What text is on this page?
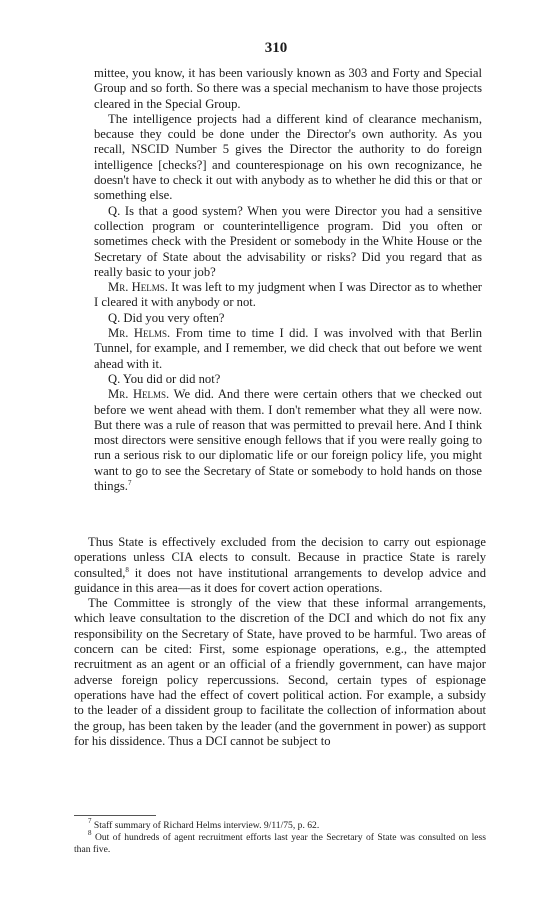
310

mittee, you know, it has been variously known as 303 and Forty and Special Group and so forth. So there was a special mechanism to have those projects cleared in the Special Group.

The intelligence projects had a different kind of clearance mechanism, because they could be done under the Director's own authority. As you recall, NSCID Number 5 gives the Director the authority to do foreign intelligence [checks?] and counterespionage on his own recognizance, he doesn't have to check it out with anybody as to whether he did this or that or something else.

Q. Is that a good system? When you were Director you had a sensitive collection program or counterintelligence program. Did you often or sometimes check with the President or somebody in the White House or the Secretary of State about the advisability or risks? Did you regard that as really basic to your job?

Mr. Helms. It was left to my judgment when I was Director as to whether I cleared it with anybody or not.

Q. Did you very often?

Mr. Helms. From time to time I did. I was involved with that Berlin Tunnel, for example, and I remember, we did check that out before we went ahead with it.

Q. You did or did not?

Mr. Helms. We did. And there were certain others that we checked out before we went ahead with them. I don't remember what they all were now. But there was a rule of reason that was permitted to prevail here. And I think most directors were sensitive enough fellows that if you were really going to run a serious risk to our diplomatic life or our foreign policy life, you might want to go to see the Secretary of State or somebody to hold hands on those things.$^7$

Thus State is effectively excluded from the decision to carry out espionage operations unless CIA elects to consult. Because in practice State is rarely consulted,$^8$ it does not have institutional arrangements to develop advice and guidance in this area—as it does for covert action operations.

The Committee is strongly of the view that these informal arrangements, which leave consultation to the discretion of the DCI and which do not fix any responsibility on the Secretary of State, have proved to be harmful. Two areas of concern can be cited: First, some espionage operations, e.g., the attempted recruitment as an agent or an official of a friendly government, can have major adverse foreign policy repercussions. Second, certain types of espionage operations have had the effect of covert political action. For example, a subsidy to the leader of a dissident group to facilitate the collection of information about the group, has been taken by the leader (and the government in power) as support for his dissidence. Thus a DCI cannot be subject to

$^7$ Staff summary of Richard Helms interview. 9/11/75, p. 62.

$^8$ Out of hundreds of agent recruitment efforts last year the Secretary of State was consulted on less than five.
